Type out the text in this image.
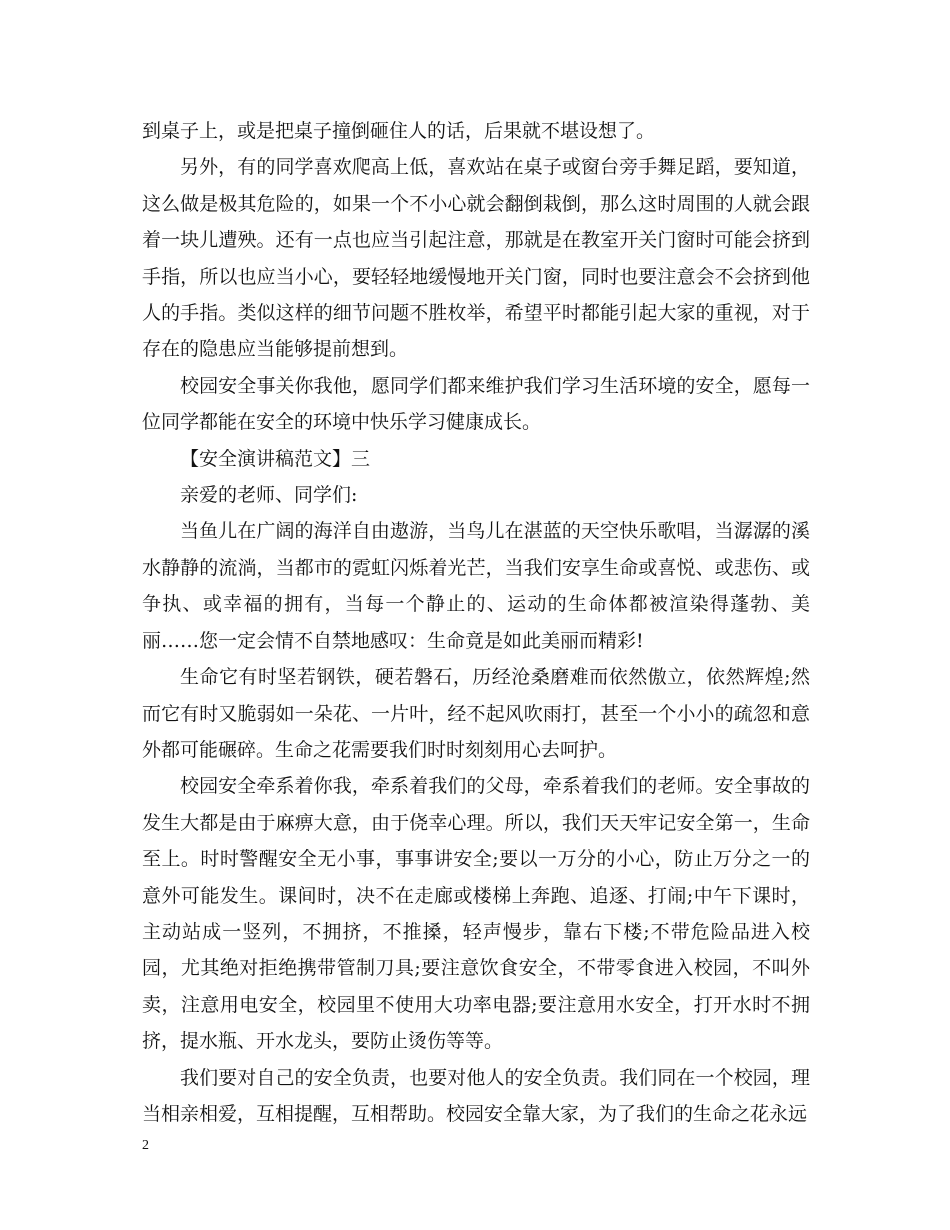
到桌子上，或是把桌子撞倒砸住人的话，后果就不堪设想了。

另外，有的同学喜欢爬高上低，喜欢站在桌子或窗台旁手舞足蹈，要知道，这么做是极其危险的，如果一个不小心就会翻倒栽倒，那么这时周围的人就会跟着一块儿遭殃。还有一点也应当引起注意，那就是在教室开关门窗时可能会挤到手指，所以也应当小心，要轻轻地缓慢地开关门窗，同时也要注意会不会挤到他人的手指。类似这样的细节问题不胜枚举，希望平时都能引起大家的重视，对于存在的隐患应当能够提前想到。

校园安全事关你我他，愿同学们都来维护我们学习生活环境的安全，愿每一位同学都能在安全的环境中快乐学习健康成长。

【安全演讲稿范文】三

亲爱的老师、同学们:

当鱼儿在广阔的海洋自由遨游，当鸟儿在湛蓝的天空快乐歌唱，当潺潺的溪水静静的流淌，当都市的霓虹闪烁着光芒，当我们安享生命或喜悦、或悲伤、或争执、或幸福的拥有，当每一个静止的、运动的生命体都被渲染得蓬勃、美丽……您一定会情不自禁地感叹：生命竟是如此美丽而精彩!

生命它有时坚若钢铁，硬若磐石，历经沧桑磨难而依然傲立，依然辉煌;然而它有时又脆弱如一朵花、一片叶，经不起风吹雨打，甚至一个小小的疏忽和意外都可能碾碎。生命之花需要我们时时刻刻用心去呵护。

校园安全牵系着你我，牵系着我们的父母，牵系着我们的老师。安全事故的发生大都是由于麻痹大意，由于侥幸心理。所以，我们天天牢记安全第一，生命至上。时时警醒安全无小事，事事讲安全;要以一万分的小心，防止万分之一的意外可能发生。课间时，决不在走廊或楼梯上奔跑、追逐、打闹;中午下课时，主动站成一竖列，不拥挤，不推搡，轻声慢步，靠右下楼;不带危险品进入校园，尤其绝对拒绝携带管制刀具;要注意饮食安全，不带零食进入校园，不叫外卖，注意用电安全，校园里不使用大功率电器;要注意用水安全，打开水时不拥挤，提水瓶、开水龙头，要防止烫伤等等。

我们要对自己的安全负责，也要对他人的安全负责。我们同在一个校园，理当相亲相爱，互相提醒，互相帮助。校园安全靠大家，为了我们的生命之花永远

2
